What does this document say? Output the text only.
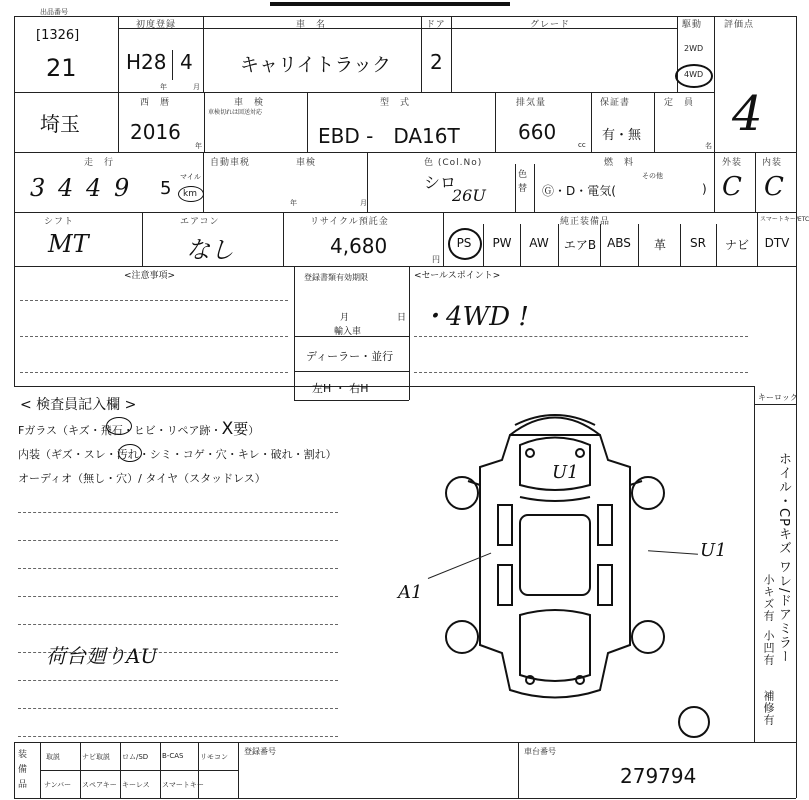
出品番号
[1326]
21
初度登録
H28 4
年	月
車　名
キャリイトラック
ドア
2
グレード	駆動
2WD
4WD
評価点
4
埼玉
西　暦
2016
年
車　検
車検切れは回送対応
型　式
EBD -　DA16T
排気量
660
cc
保証書
有・無
定　員
名
走　行
3 4 4 9 5
マイル
km
自動車税	車検
年	月
色 (Col.No)
シロ
26U
色替
燃　料
Ⓖ・D・電気(
その他
)
外装
C
内装
C
シフト
MT
エアコン
なし
リサイクル預託金
4,680
円
純正装備品	スマートキー/ETC
PS	PW	AW	エアB ABS	革	SR	ナビ	DTV
<注意事項>	登録書類有効期限
月	日
輸入車
ディーラー・並行
左H ・ 右H
<セールスポイント>
・4WD !
< 検査員記入欄 >
Fガラス（キズ・飛石・ヒビ・リペア跡・X要）
内装（ギズ・スレ・汚れ・シミ・コゲ・穴・キレ・破れ・割れ）
オーディオ（無し・穴）/ タイヤ（スタッドレス）
荷台廻りAU
U1
U1
A1
キーロック
ホイル・CPキズ ワレ/ドアミラー
小キズ有
小凹有
補修有
装備品
取説	ナビ取説 ロム/SD B-CAS リモコン
ナンバー スペアキー キーレス スマートキー
登録番号	車台番号
279794
